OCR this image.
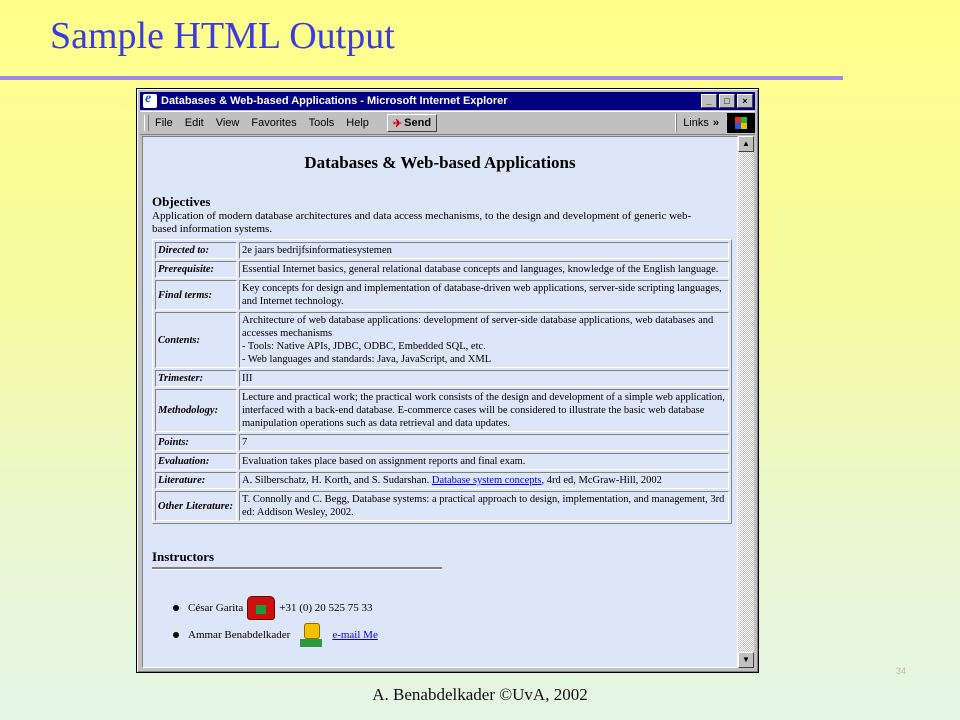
Sample HTML Output
e
Databases & Web-based Applications - Microsoft Internet Explorer	_	□	×
File Edit View Favorites Tools Help ✈ Send	Links »
Databases & Web-based Applications
Objectives
Application of modern database architectures and data access mechanisms, to the design and development of generic web-based information systems.
Directed to:	2e jaars bedrijfsinformatiesystemen
Prerequisite:	Essential Internet basics, general relational database concepts and languages, knowledge of the English language.
Final terms:	Key concepts for design and implementation of database-driven web applications, server-side scripting languages, and Internet technology.
Contents:	Architecture of web database applications: development of server-side database applications, web databases and accesses mechanisms
- Tools: Native APIs, JDBC, ODBC, Embedded SQL, etc.
- Web languages and standards: Java, JavaScript, and XML

Trimester:	III
Methodology:	Lecture and practical work; the practical work consists of the design and development of a simple web application, interfaced with a back-end database. E-commerce cases will be considered to illustrate the basic web database manipulation operations such as data retrieval and data updates.
Points:	7
Evaluation:	Evaluation takes place based on assignment reports and final exam.
Literature:	A. Silberschatz, H. Korth, and S. Sudarshan. Database system concepts, 4rd ed, McGraw-Hill, 2002
Other Literature:	T. Connolly and C. Begg, Database systems: a practical approach to design, implementation, and management, 3rd ed: Addison Wesley, 2002.
Instructors
César Garita	+31 (0) 20 525 75 33
Ammar Benabdelkader	e-mail Me
▲
▼
34
A. Benabdelkader ©UvA, 2002
